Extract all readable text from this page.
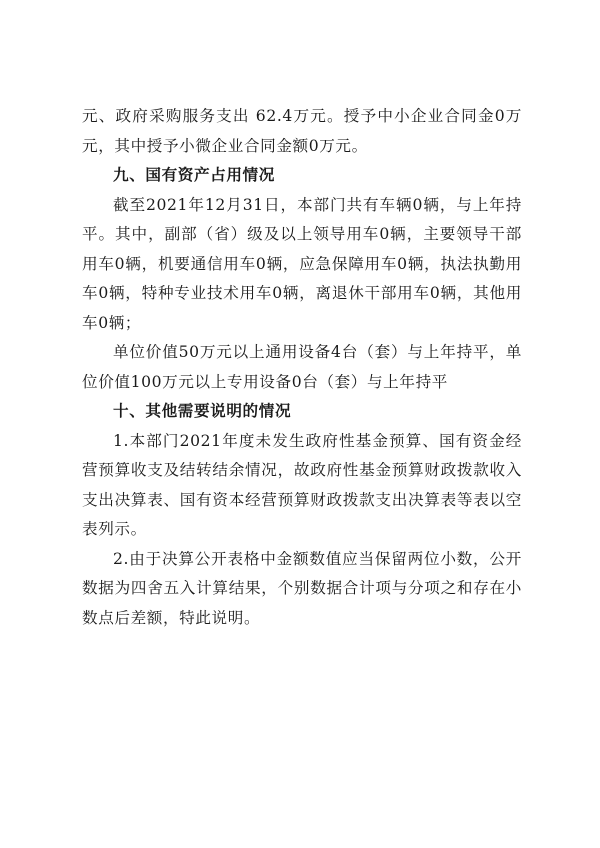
元、政府采购服务支出 62.4万元。授予中小企业合同金0万元，其中授予小微企业合同金额0万元。

九、国有资产占用情况

截至2021年12月31日，本部门共有车辆0辆，与上年持平。其中，副部（省）级及以上领导用车0辆，主要领导干部用车0辆，机要通信用车0辆，应急保障用车0辆，执法执勤用车0辆，特种专业技术用车0辆，离退休干部用车0辆，其他用车0辆；

单位价值50万元以上通用设备4台（套）与上年持平，单位价值100万元以上专用设备0台（套）与上年持平

十、其他需要说明的情况

1.本部门2021年度未发生政府性基金预算、国有资金经营预算收支及结转结余情况，故政府性基金预算财政拨款收入支出决算表、国有资本经营预算财政拨款支出决算表等表以空表列示。

2.由于决算公开表格中金额数值应当保留两位小数，公开数据为四舍五入计算结果，个别数据合计项与分项之和存在小数点后差额，特此说明。
